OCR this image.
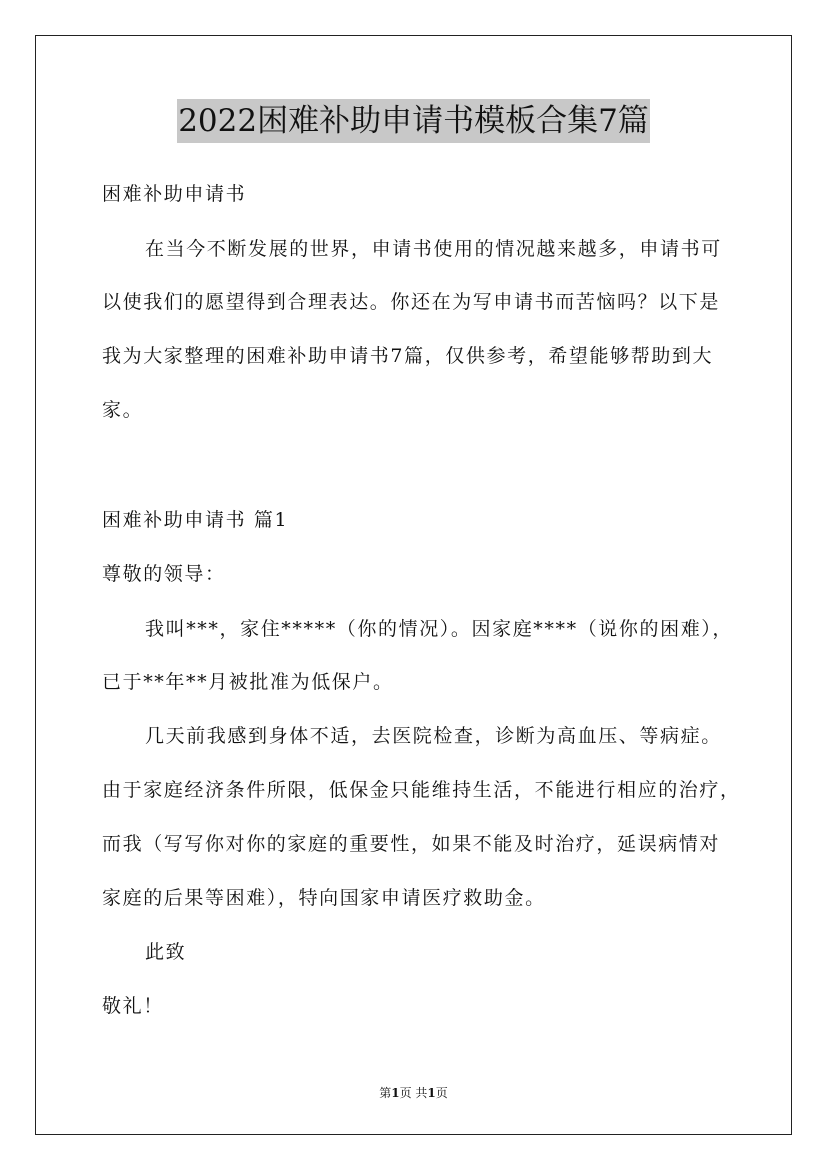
2022困难补助申请书模板合集7篇
困难补助申请书
在当今不断发展的世界，申请书使用的情况越来越多，申请书可
以使我们的愿望得到合理表达。你还在为写申请书而苦恼吗？以下是
我为大家整理的困难补助申请书7篇，仅供参考，希望能够帮助到大
家。
困难补助申请书 篇1
尊敬的领导：
我叫***，家住*****（你的情况）。因家庭****（说你的困难），
已于**年**月被批准为低保户。
几天前我感到身体不适，去医院检查，诊断为高血压、等病症。
由于家庭经济条件所限，低保金只能维持生活，不能进行相应的治疗，
而我（写写你对你的家庭的重要性，如果不能及时治疗，延误病情对
家庭的后果等困难），特向国家申请医疗救助金。
此致
敬礼！
第1页 共1页
